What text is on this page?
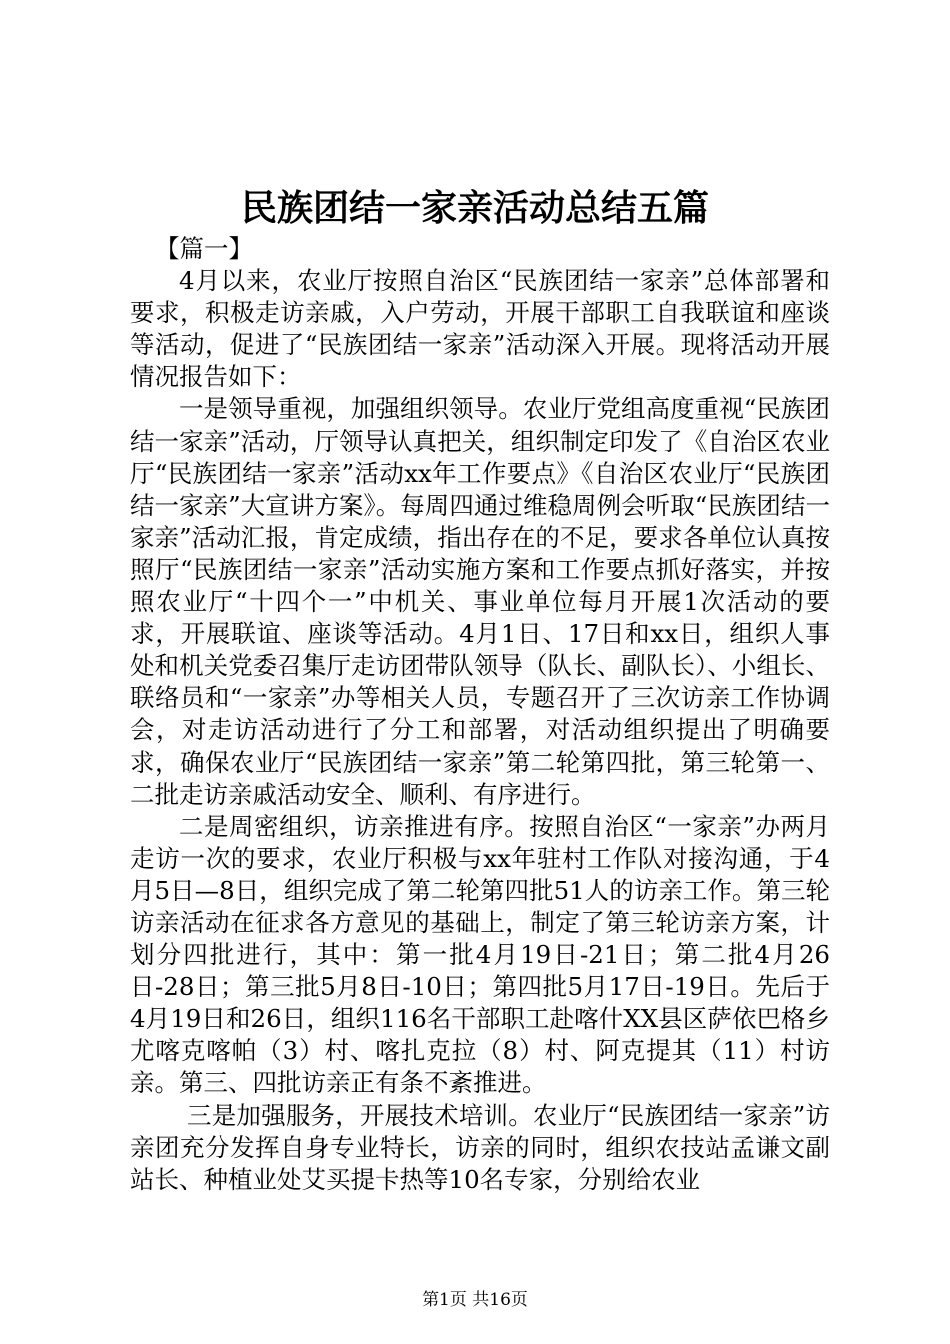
民族团结一家亲活动总结五篇

【篇一】

4月以来，农业厅按照自治区“民族团结一家亲”总体部署和要求，积极走访亲戚，入户劳动，开展干部职工自我联谊和座谈等活动，促进了“民族团结一家亲”活动深入开展。现将活动开展情况报告如下：

一是领导重视，加强组织领导。农业厅党组高度重视“民族团结一家亲”活动，厅领导认真把关，组织制定印发了《自治区农业厅“民族团结一家亲”活动xx年工作要点》《自治区农业厅“民族团结一家亲”大宣讲方案》。每周四通过维稳周例会听取“民族团结一家亲”活动汇报，肯定成绩，指出存在的不足，要求各单位认真按照厅“民族团结一家亲”活动实施方案和工作要点抓好落实，并按照农业厅“十四个一”中机关、事业单位每月开展1次活动的要求，开展联谊、座谈等活动。4月1日、17日和xx日，组织人事处和机关党委召集厅走访团带队领导（队长、副队长）、小组长、联络员和“一家亲”办等相关人员，专题召开了三次访亲工作协调会，对走访活动进行了分工和部署，对活动组织提出了明确要求，确保农业厅“民族团结一家亲”第二轮第四批，第三轮第一、二批走访亲戚活动安全、顺利、有序进行。

二是周密组织，访亲推进有序。按照自治区“一家亲”办两月走访一次的要求，农业厅积极与xx年驻村工作队对接沟通，于4月5日—8日，组织完成了第二轮第四批51人的访亲工作。第三轮访亲活动在征求各方意见的基础上，制定了第三轮访亲方案，计划分四批进行，其中：第一批4月19日-21日；第二批4月26日-28日；第三批5月8日-10日；第四批5月17日-19日。先后于4月19日和26日，组织116名干部职工赴喀什XX县区萨依巴格乡尤喀克喀帕（3）村、喀扎克拉（8）村、阿克提其（11）村访亲。第三、四批访亲正有条不紊推进。

三是加强服务，开展技术培训。农业厅“民族团结一家亲”访亲团充分发挥自身专业特长，访亲的同时，组织农技站孟谦文副站长、种植业处艾买提卡热等10名专家，分别给农业

第1页 共16页
